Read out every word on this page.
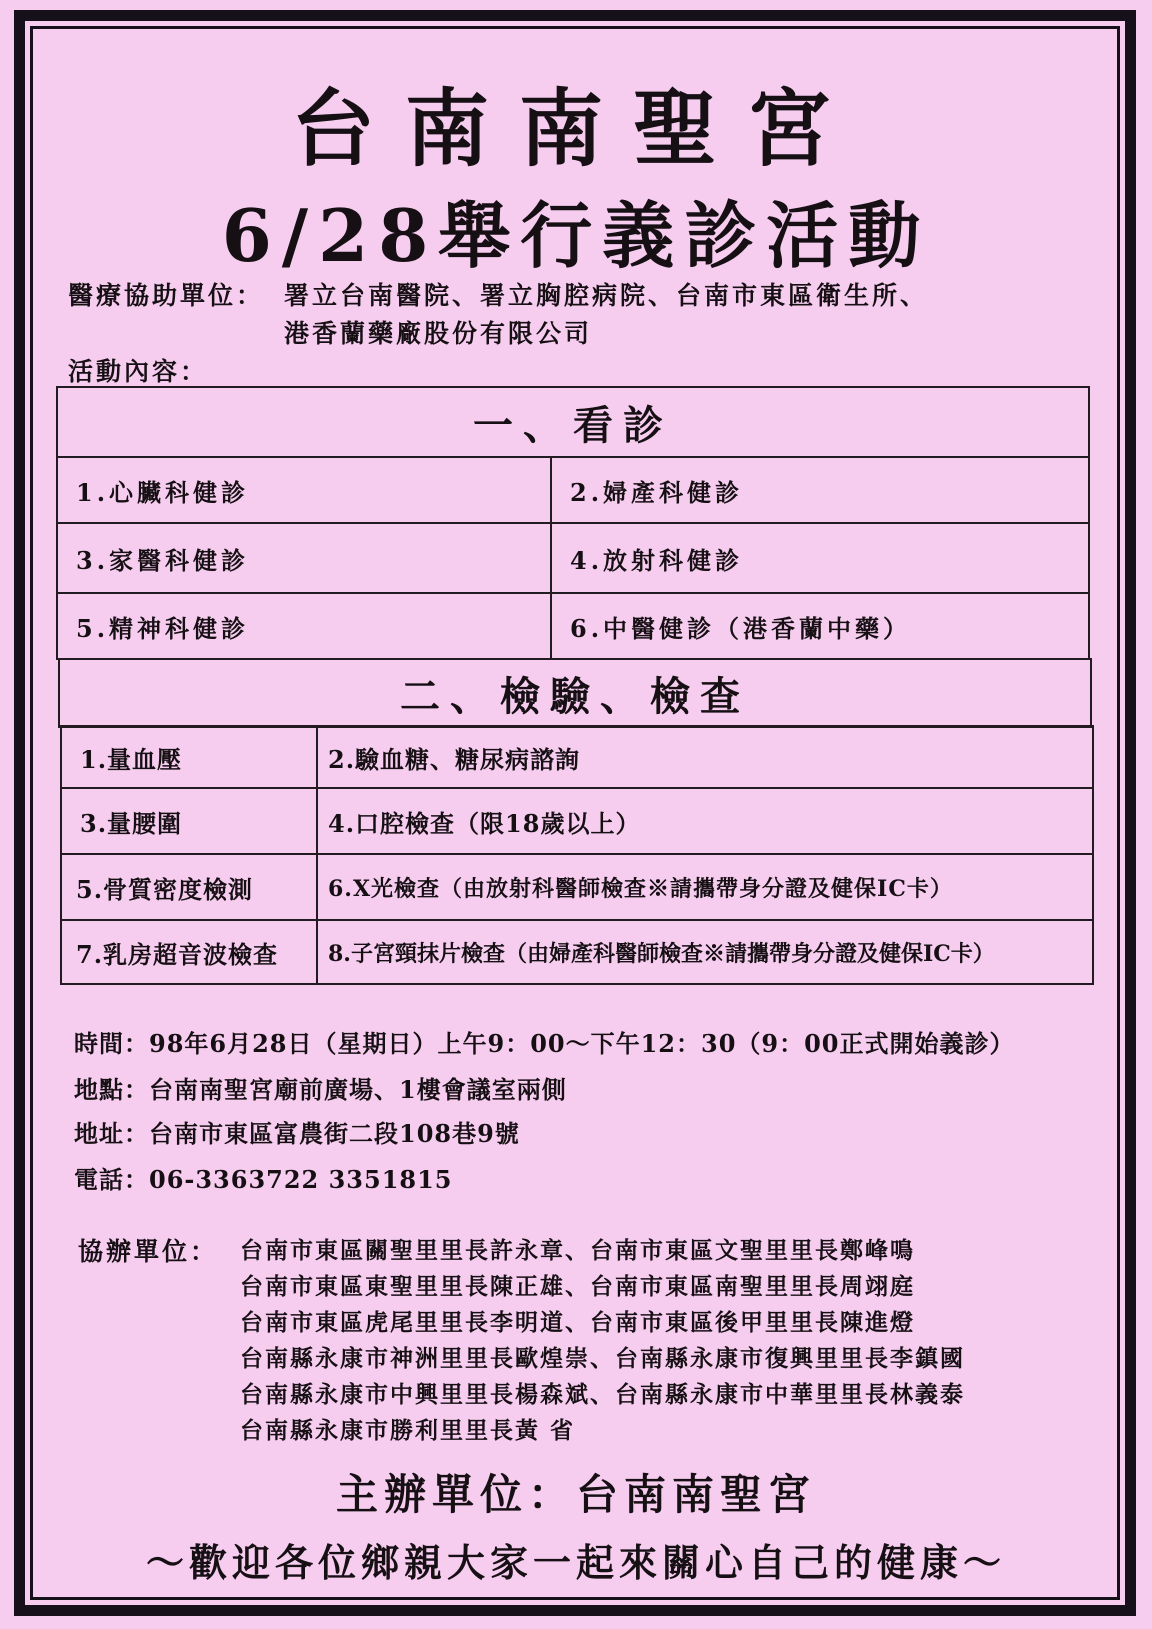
台南南聖宮
6/28舉行義診活動
醫療協助單位： 署立台南醫院、署立胸腔病院、台南市東區衛生所、
港香蘭藥廠股份有限公司
活動內容：
一、看診	
1.心臟科健診	2.婦產科健診
3.家醫科健診	4.放射科健診
5.精神科健診	6.中醫健診（港香蘭中藥）
二、檢驗、檢查
1.量血壓	2.驗血糖、糖尿病諮詢
3.量腰圍	4.口腔檢查（限18歲以上）
5.骨質密度檢測	6.X光檢查（由放射科醫師檢查※請攜帶身分證及健保IC卡）
7.乳房超音波檢查	8.子宮頸抹片檢查（由婦產科醫師檢查※請攜帶身分證及健保IC卡）
時間：98年6月28日（星期日）上午9：00～下午12：30（9：00正式開始義診）
地點：台南南聖宮廟前廣場、1樓會議室兩側
地址：台南市東區富農街二段108巷9號
電話：06-3363722 3351815
協辦單位： 台南市東區關聖里里長許永章、台南市東區文聖里里長鄭峰鳴
台南市東區東聖里里長陳正雄、台南市東區南聖里里長周翊庭
台南市東區虎尾里里長李明道、台南市東區後甲里里長陳進燈
台南縣永康市神洲里里長歐煌崇、台南縣永康市復興里里長李鎮國
台南縣永康市中興里里長楊森斌、台南縣永康市中華里里長林義泰
台南縣永康市勝利里里長黃 省
主辦單位：台南南聖宮
～歡迎各位鄉親大家一起來關心自己的健康～
